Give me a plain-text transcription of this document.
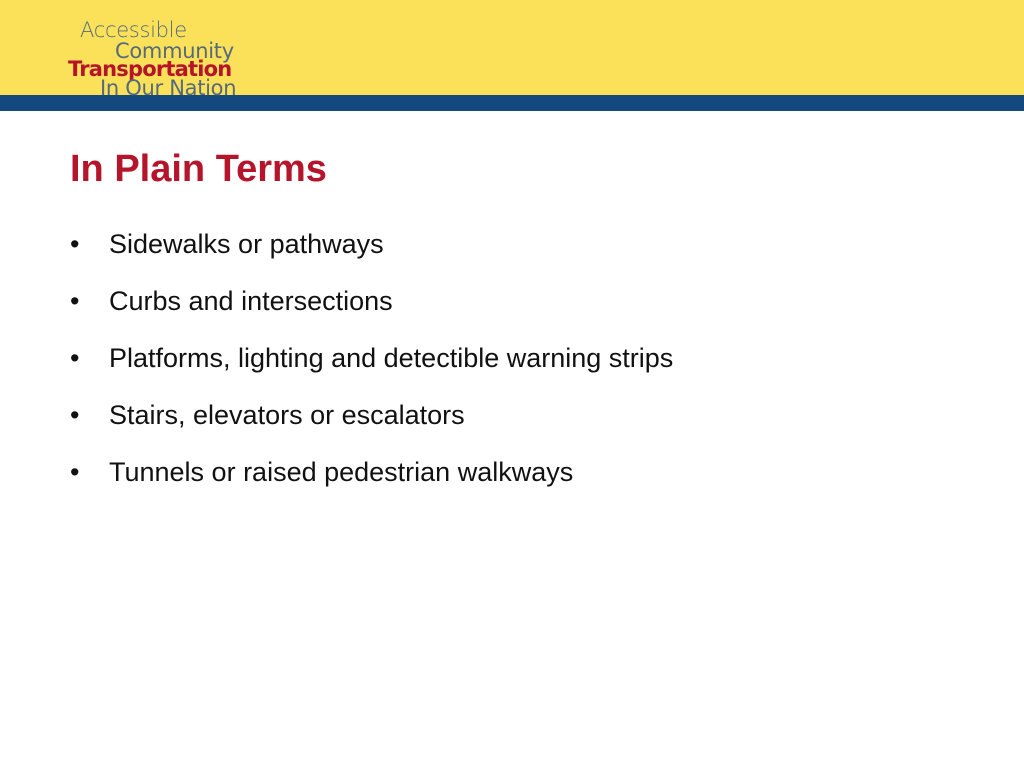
Accessible
Community
Transportation
In Our Nation
In Plain Terms
•	Sidewalks or pathways
•	Curbs and intersections
•	Platforms, lighting and detectible warning strips
•	Stairs, elevators or escalators
•	Tunnels or raised pedestrian walkways
